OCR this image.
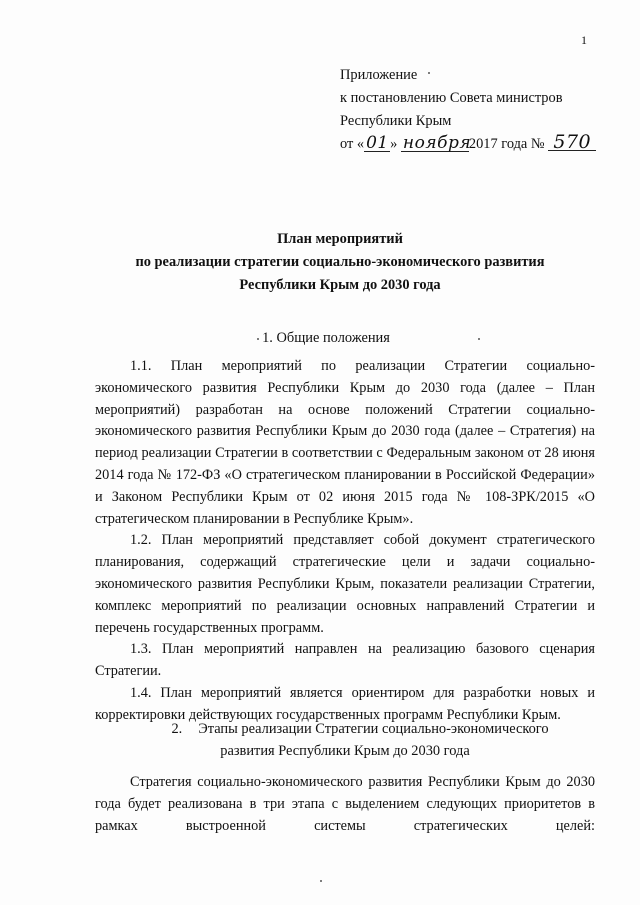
1
Приложение
к постановлению Совета министров
Республики Крым
от « 01» ноября2017 года № 570
План мероприятий
по реализации стратегии социально-экономического развития
Республики Крым до 2030 года
1. Общие положения

1.1. План мероприятий по реализации Стратегии социально-экономического развития Республики Крым до 2030 года (далее – План мероприятий) разработан на основе положений Стратегии социально-экономического развития Республики Крым до 2030 года (далее – Стратегия) на период реализации Стратегии в соответствии с Федеральным законом от 28 июня 2014 года № 172-ФЗ «О стратегическом планировании в Российской Федерации» и Законом Республики Крым от 02 июня 2015 года № 108-ЗРК/2015 «О стратегическом планировании в Республике Крым».

1.2. План мероприятий представляет собой документ стратегического планирования, содержащий стратегические цели и задачи социально-экономического развития Республики Крым, показатели реализации Стратегии, комплекс мероприятий по реализации основных направлений Стратегии и перечень государственных программ.

1.3. План мероприятий направлен на реализацию базового сценария Стратегии.

1.4. План мероприятий является ориентиром для разработки новых и корректировки действующих государственных программ Республики Крым.

2. Этапы реализации Стратегии социально-экономического
развития Республики Крым до 2030 года

Стратегия социально-экономического развития Республики Крым до 2030 года будет реализована в три этапа с выделением следующих приоритетов в рамках выстроенной системы стратегических целей:
